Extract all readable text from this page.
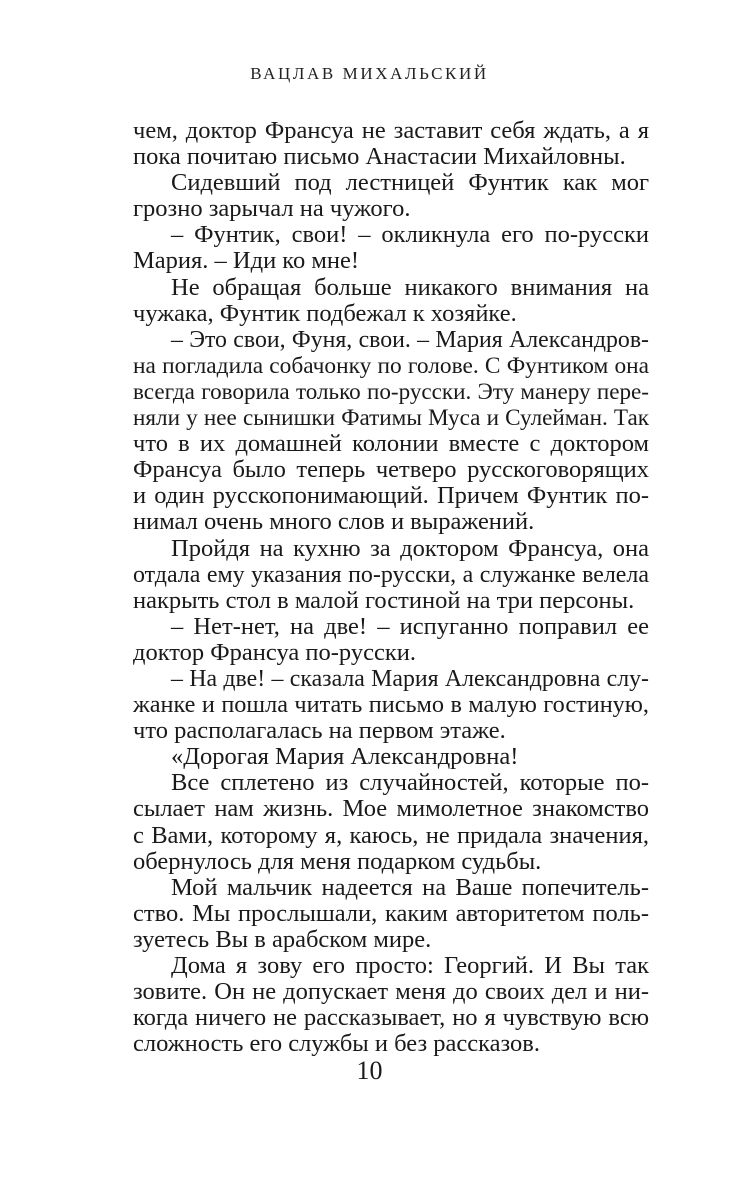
ВАЦЛАВ МИХАЛЬСКИЙ
чем, доктор Франсуа не заставит себя ждать, а я
пока почитаю письмо Анастасии Михайловны.
Сидевший под лестницей Фунтик как мог
грозно зарычал на чужого.
– Фунтик, свои! – окликнула его по-русски
Мария. – Иди ко мне!
Не обращая больше никакого внимания на
чужака, Фунтик подбежал к хозяйке.
– Это свои, Фуня, свои. – Мария Александров-
на погладила собачонку по голове. С Фунтиком она
всегда говорила только по-русски. Эту манеру пере-
няли у нее сынишки Фатимы Муса и Сулейман. Так
что в их домашней колонии вместе с доктором
Франсуа было теперь четверо русскоговорящих
и один русскопонимающий. Причем Фунтик по-
нимал очень много слов и выражений.
Пройдя на кухню за доктором Франсуа, она
отдала ему указания по-русски, а служанке велела
накрыть стол в малой гостиной на три персоны.
– Нет-нет, на две! – испуганно поправил ее
доктор Франсуа по-русски.
– На две! – сказала Мария Александровна слу-
жанке и пошла читать письмо в малую гостиную,
что располагалась на первом этаже.
«Дорогая Мария Александровна!
Все сплетено из случайностей, которые по-
сылает нам жизнь. Мое мимолетное знакомство
с Вами, которому я, каюсь, не придала значения,
обернулось для меня подарком судьбы.
Мой мальчик надеется на Ваше попечитель-
ство. Мы прослышали, каким авторитетом поль-
зуетесь Вы в арабском мире.
Дома я зову его просто: Георгий. И Вы так
зовите. Он не допускает меня до своих дел и ни-
когда ничего не рассказывает, но я чувствую всю
сложность его службы и без рассказов.
10
